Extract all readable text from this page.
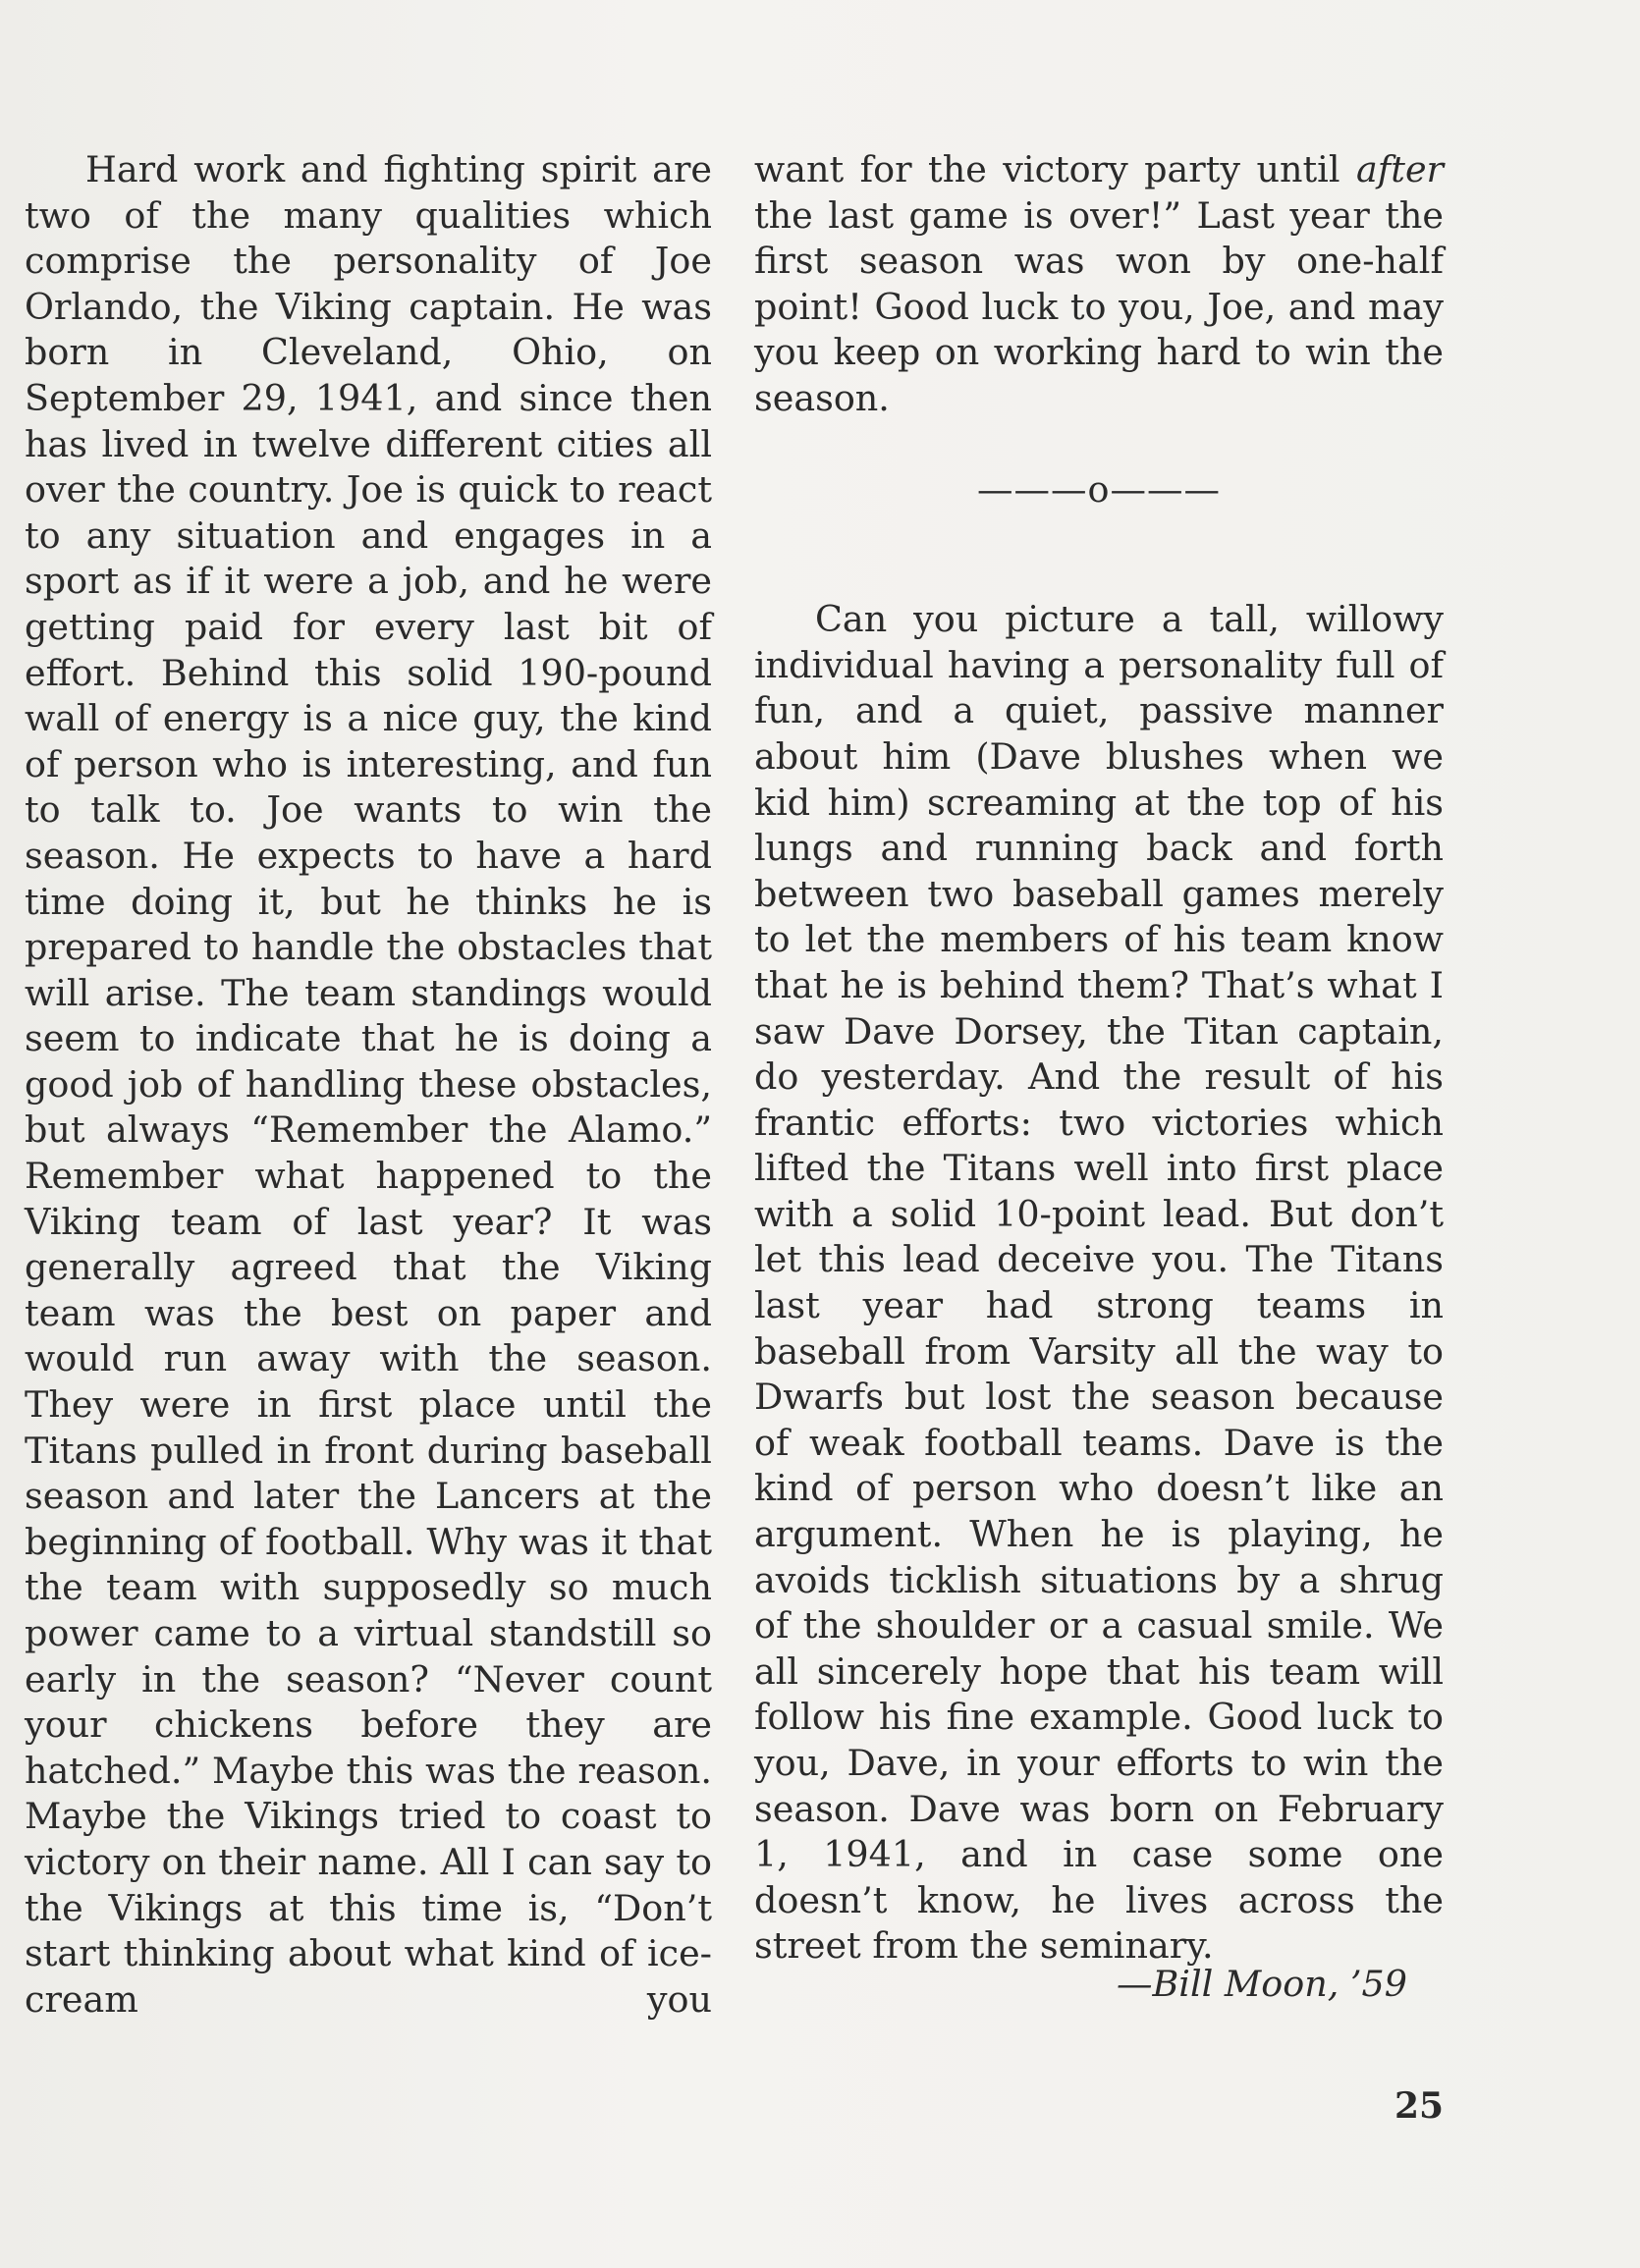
Hard work and fighting spirit are two of the many qualities which comprise the personality of Joe Orlando, the Viking captain. He was born in Cleveland, Ohio, on September 29, 1941, and since then has lived in twelve different cities all over the country. Joe is quick to react to any situation and engages in a sport as if it were a job, and he were getting paid for every last bit of effort. Behind this solid 190-pound wall of energy is a nice guy, the kind of person who is interesting, and fun to talk to. Joe wants to win the season. He expects to have a hard time doing it, but he thinks he is prepared to handle the obstacles that will arise. The team standings would seem to indicate that he is doing a good job of handling these obstacles, but always “Remember the Alamo.” Remember what happened to the Viking team of last year? It was generally agreed that the Viking team was the best on paper and would run away with the season. They were in first place until the Titans pulled in front during baseball season and later the Lancers at the beginning of football. Why was it that the team with supposedly so much power came to a virtual standstill so early in the season? “Never count your chickens before they are hatched.” Maybe this was the reason. Maybe the Vikings tried to coast to victory on their name. All I can say to the Vikings at this time is, “Don’t start thinking about what kind of ice-cream you

want for the victory party until after the last game is over!” Last year the first season was won by one-half point! Good luck to you, Joe, and may you keep on working hard to win the season.

———o———

Can you picture a tall, willowy individual having a personality full of fun, and a quiet, passive manner about him (Dave blushes when we kid him) screaming at the top of his lungs and running back and forth between two baseball games merely to let the members of his team know that he is behind them? That’s what I saw Dave Dorsey, the Titan captain, do yesterday. And the result of his frantic efforts: two victories which lifted the Titans well into first place with a solid 10-point lead. But don’t let this lead deceive you. The Titans last year had strong teams in baseball from Varsity all the way to Dwarfs but lost the season because of weak football teams. Dave is the kind of person who doesn’t like an argument. When he is playing, he avoids ticklish situations by a shrug of the shoulder or a casual smile. We all sincerely hope that his team will follow his fine example. Good luck to you, Dave, in your efforts to win the season. Dave was born on February 1, 1941, and in case some one doesn’t know, he lives across the street from the seminary.

—Bill Moon, ’59
25
